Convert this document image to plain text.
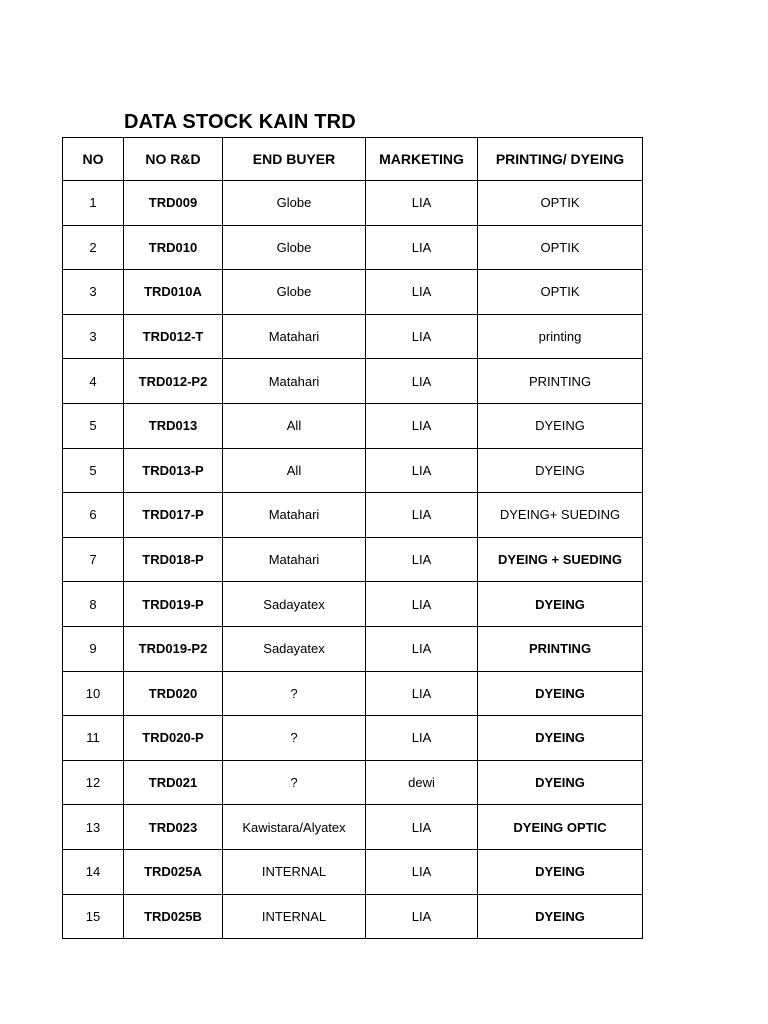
DATA STOCK KAIN TRD
NO	NO R&D	END BUYER	MARKETING	PRINTING/ DYEING
1	TRD009	Globe	LIA	OPTIK
2	TRD010	Globe	LIA	OPTIK
3	TRD010A	Globe	LIA	OPTIK
3	TRD012-T	Matahari	LIA	printing
4	TRD012-P2	Matahari	LIA	PRINTING
5	TRD013	All	LIA	DYEING
5	TRD013-P	All	LIA	DYEING
6	TRD017-P	Matahari	LIA	DYEING+ SUEDING
7	TRD018-P	Matahari	LIA	DYEING + SUEDING
8	TRD019-P	Sadayatex	LIA	DYEING
9	TRD019-P2	Sadayatex	LIA	PRINTING
10	TRD020	?	LIA	DYEING
11	TRD020-P	?	LIA	DYEING
12	TRD021	?	dewi	DYEING
13	TRD023	Kawistara/Alyatex	LIA	DYEING OPTIC
14	TRD025A	INTERNAL	LIA	DYEING
15	TRD025B	INTERNAL	LIA	DYEING
